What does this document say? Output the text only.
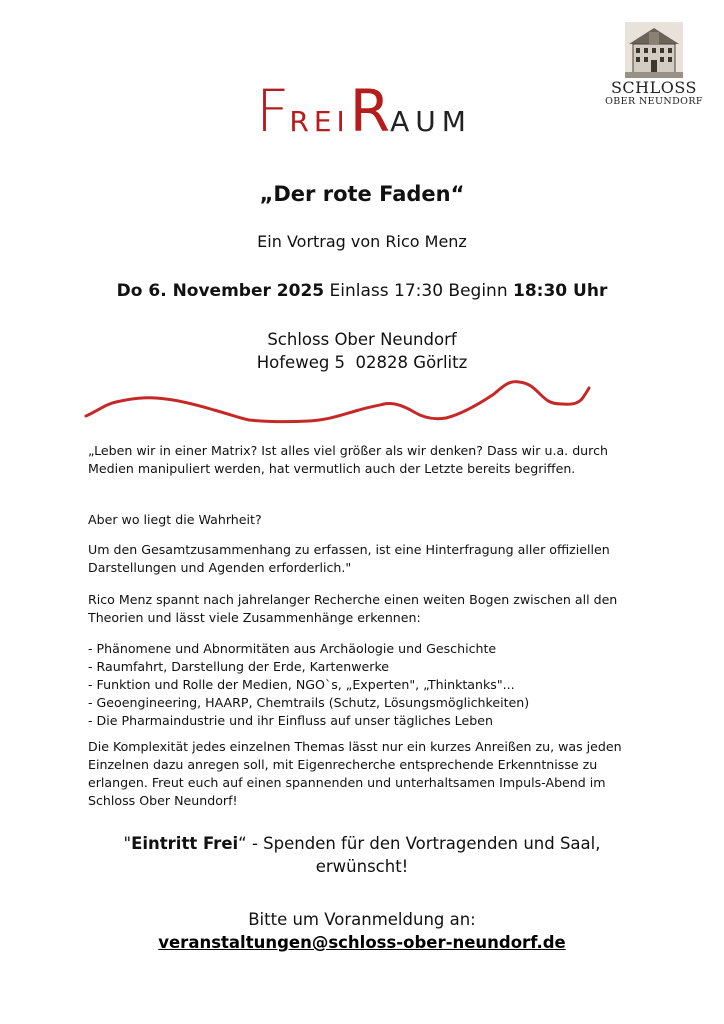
SCHLOSS
OBER NEUNDORF
FREIRAUM
„Der rote Faden“
Ein Vortrag von Rico Menz
Do 6. November 2025 Einlass 17:30 Beginn 18:30 Uhr
Schloss Ober Neundorf
Hofeweg 5  02828 Görlitz

„Leben wir in einer Matrix? Ist alles viel größer als wir denken? Dass wir u.a. durch Medien manipuliert werden, hat vermutlich auch der Letzte bereits begriffen.

Aber wo liegt die Wahrheit?

Um den Gesamtzusammenhang zu erfassen, ist eine Hinterfragung aller offiziellen Darstellungen und Agenden erforderlich."

Rico Menz spannt nach jahrelanger Recherche einen weiten Bogen zwischen all den Theorien und lässt viele Zusammenhänge erkennen:

- Phänomene und Abnormitäten aus Archäologie und Geschichte
- Raumfahrt, Darstellung der Erde, Kartenwerke
- Funktion und Rolle der Medien, NGO`s, „Experten", „Thinktanks"...
- Geoengineering, HAARP, Chemtrails (Schutz, Lösungsmöglichkeiten)
- Die Pharmaindustrie und ihr Einfluss auf unser tägliches Leben

Die Komplexität jedes einzelnen Themas lässt nur ein kurzes Anreißen zu, was jeden Einzelnen dazu anregen soll, mit Eigenrecherche entsprechende Erkenntnisse zu erlangen. Freut euch auf einen spannenden und unterhaltsamen Impuls-Abend im Schloss Ober Neundorf!

"Eintritt Frei“ - Spenden für den Vortragenden und Saal,
erwünscht!
Bitte um Voranmeldung an:
veranstaltungen@schloss-ober-neundorf.de
